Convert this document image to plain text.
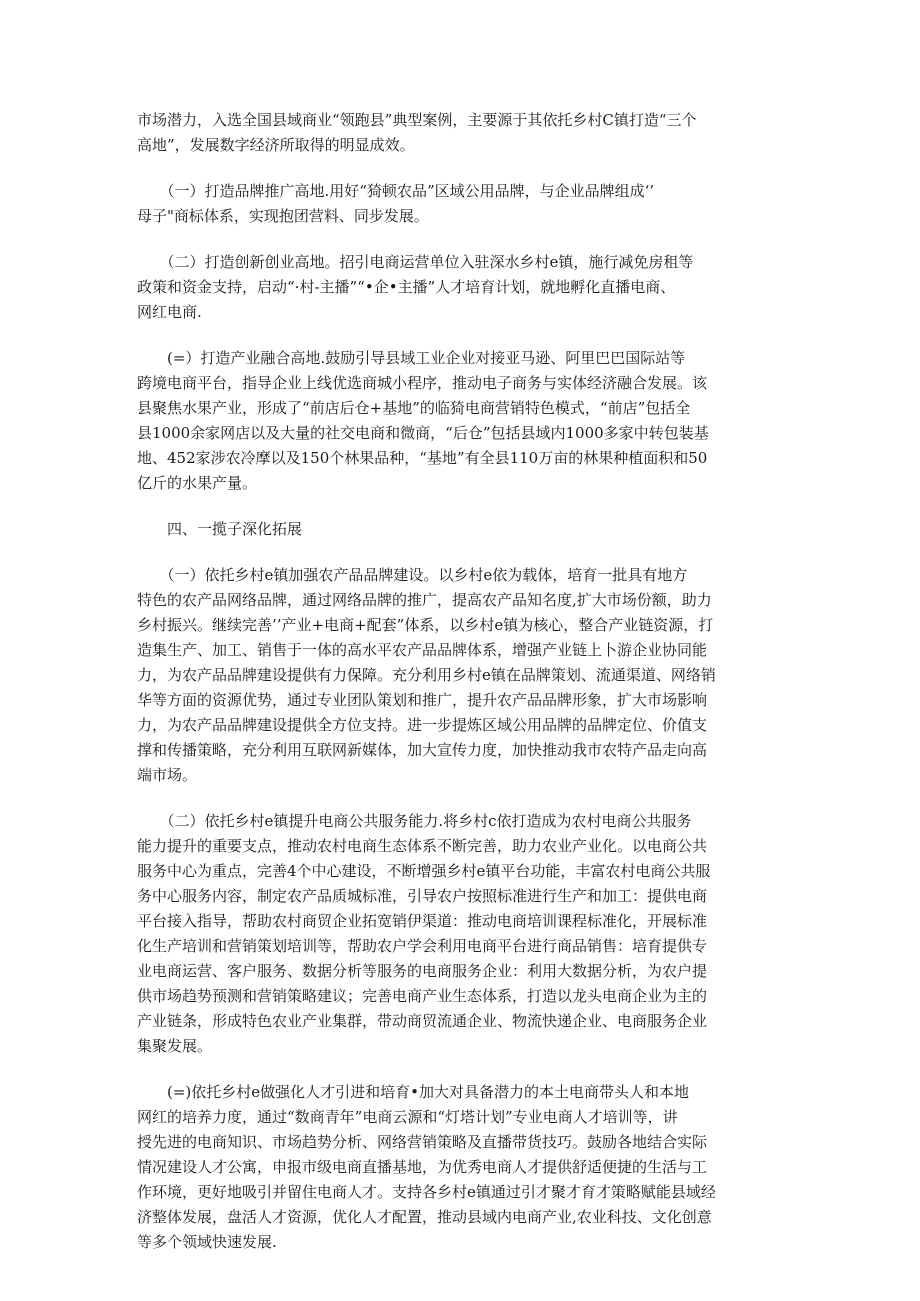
市场潜力，入选全国县域商业“领跑县”典型案例，主要源于其依托乡村C镇打造“三个
高地”，发展数字经济所取得的明显成效。

　　（一）打造品牌推广高地.用好“猗顿农品”区域公用品牌，与企业品牌组成‘’
母子"商标体系，实现抱团营料、同步发展。

　　（二）打造创新创业高地。招引电商运营单位入驻深水乡村e镇，施行减免房租等
政策和资金支持，启动“·村-主播”“•企•主播”人才培育计划，就地孵化直播电商、
网红电商.

　　(=）打造产业融合高地.鼓励引导县域工业企业对接亚马逊、阿里巴巴国际站等
跨境电商平台，指导企业上线优选商城小程序，推动电子商务与实体经济融合发展。该
县聚焦水果产业，形成了“前店后仓+基地”的临猗电商营销特色模式，“前店”包括全
县1000余家网店以及大量的社交电商和微商，“后仓”包括县域内1000多家中转包装基
地、452家涉农冷摩以及150个林果品种，“基地”有全县110万亩的林果种植面积和50
亿斤的水果产量。

　　四、一揽子深化拓展

　　（一）依托乡村e镇加强农产品品牌建设。以乡村e依为载体，培育一批具有地方
特色的农产品网络品牌，通过网络品牌的推广，提高农产品知名度,扩大市场份额，助力
乡村振兴。继续完善’’产业+电商+配套”体系，以乡村e镇为核心，整合产业链资源，打
造集生产、加工、销售于一体的高水平农产品品牌体系，增强产业链上卜游企业协同能
力，为农产品品牌建设提供有力保障。充分利用乡村e镇在品牌策划、流通渠道、网络销
华等方面的资源优势，通过专业团队策划和推广，提升农产品品牌形象，扩大市场影响
力，为农产品品牌建设提供全方位支持。进一步提炼区域公用品牌的品牌定位、价值支
撑和传播策略，充分利用互联网新媒体，加大宣传力度，加快推动我市农特产品走向高
端市场。

　　（二）依托乡村e镇提升电商公共服务能力.将乡村c依打造成为农村电商公共服务
能力提升的重要支点，推动农村电商生态体系不断完善，助力农业产业化。以电商公共
服务中心为重点，完善4个中心建设，不断增强乡村e镇平台功能，丰富农村电商公共服
务中心服务内容，制定农产品质城标准，引导农户按照标准进行生产和加工：提供电商
平台接入指导，帮助农村商贸企业拓宽销伊渠道：推动电商培训课程标准化，开展标准
化生产培训和营销策划培训等，帮助农户学会利用电商平台进行商品销售：培育提供专
业电商运营、客户服务、数据分析等服务的电商服务企业：利用大数据分析，为农户提
供市场趋势预测和营销策略建议；完善电商产业生态体系，打造以龙头电商企业为主的
产业链条，形成特色农业产业集群，带动商贸流通企业、物流快递企业、电商服务企业
集聚发展。

　　(=)依托乡村e做强化人才引进和培育•加大对具备潜力的本土电商带头人和本地
网红的培养力度，通过“数商青年”电商云源和“灯塔计划”专业电商人才培训等，讲
授先进的电商知识、市场趋势分析、网络营销策略及直播带货技巧。鼓励各地结合实际
情况建设人才公寓，申报市级电商直播基地，为优秀电商人才提供舒适便捷的生活与工
作环境，更好地吸引并留住电商人才。支持各乡村e镇通过引才聚才育才策略赋能县域经
济整体发展，盘活人才资源，优化人才配置，推动县域内电商产业,农业科技、文化创意
等多个领域快速发展.
